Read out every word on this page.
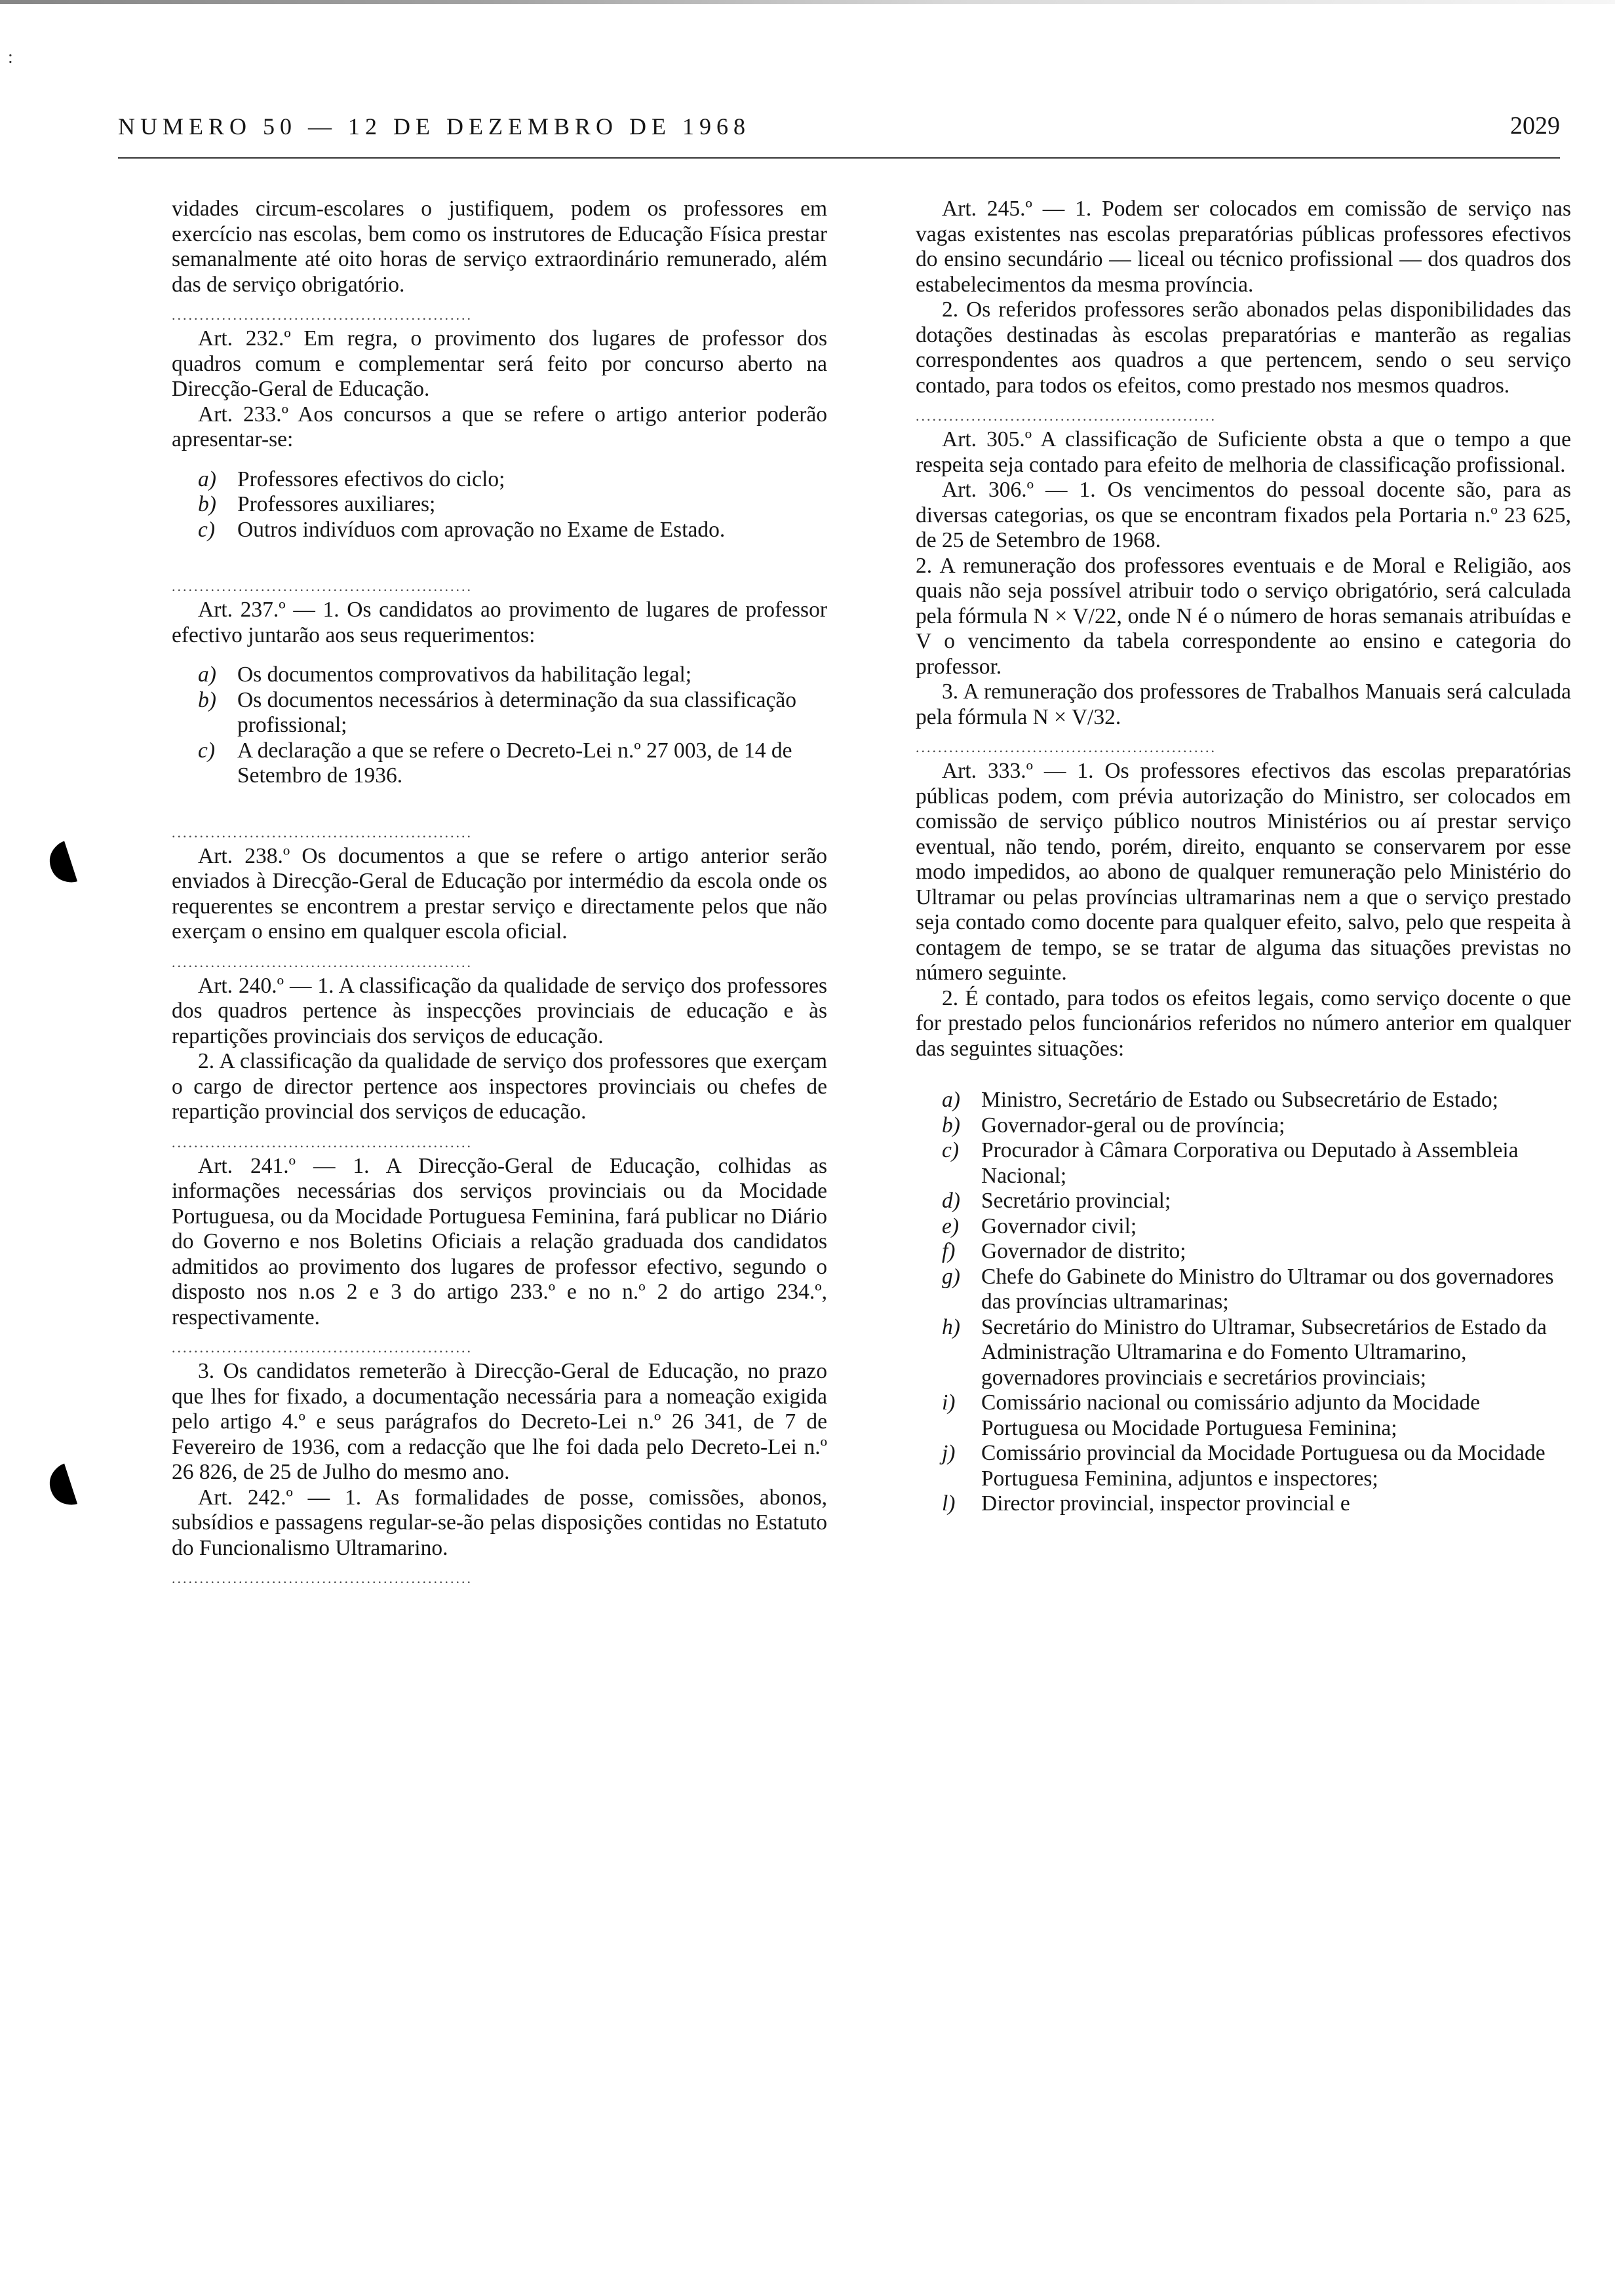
:
NUMERO 50 — 12 DE DEZEMBRO DE 1968	2029
◖
◖

vidades circum-escolares o justifiquem, podem os professores em exercício nas escolas, bem como os instrutores de Educação Física prestar semanalmente até oito horas de serviço extraordinário remunerado, além das de serviço obrigatório.

......................................................

Art. 232.º Em regra, o provimento dos lugares de professor dos quadros comum e complementar será feito por concurso aberto na Direcção-Geral de Educação.

Art. 233.º Aos concursos a que se refere o artigo anterior poderão apresentar-se:

a) Professores efectivos do ciclo;
b) Professores auxiliares;
c) Outros indivíduos com aprovação no Exame de Estado.
......................................................

Art. 237.º — 1. Os candidatos ao provimento de lugares de professor efectivo juntarão aos seus requerimentos:

a) Os documentos comprovativos da habilitação legal;
b) Os documentos necessários à determinação da sua classificação profissional;
c) A declaração a que se refere o Decreto-Lei n.º 27 003, de 14 de Setembro de 1936.
......................................................

Art. 238.º Os documentos a que se refere o artigo anterior serão enviados à Direcção-Geral de Educação por intermédio da escola onde os requerentes se encontrem a prestar serviço e directamente pelos que não exerçam o ensino em qualquer escola oficial.

......................................................

Art. 240.º — 1. A classificação da qualidade de serviço dos professores dos quadros pertence às inspecções provinciais de educação e às repartições provinciais dos serviços de educação.

2. A classificação da qualidade de serviço dos professores que exerçam o cargo de director pertence aos inspectores provinciais ou chefes de repartição provincial dos serviços de educação.

......................................................

Art. 241.º — 1. A Direcção-Geral de Educação, colhidas as informações necessárias dos serviços provinciais ou da Mocidade Portuguesa, ou da Mocidade Portuguesa Feminina, fará publicar no Diário do Governo e nos Boletins Oficiais a relação graduada dos candidatos admitidos ao provimento dos lugares de professor efectivo, segundo o disposto nos n.os 2 e 3 do artigo 233.º e no n.º 2 do artigo 234.º, respectivamente.

......................................................

3. Os candidatos remeterão à Direcção-Geral de Educação, no prazo que lhes for fixado, a documentação necessária para a nomeação exigida pelo artigo 4.º e seus parágrafos do Decreto-Lei n.º 26 341, de 7 de Fevereiro de 1936, com a redacção que lhe foi dada pelo Decreto-Lei n.º 26 826, de 25 de Julho do mesmo ano.

Art. 242.º — 1. As formalidades de posse, comissões, abonos, subsídios e passagens regular-se-ão pelas disposições contidas no Estatuto do Funcionalismo Ultramarino.

......................................................

Art. 245.º — 1. Podem ser colocados em comissão de serviço nas vagas existentes nas escolas preparatórias públicas professores efectivos do ensino secundário — liceal ou técnico profissional — dos quadros dos estabelecimentos da mesma província.

2. Os referidos professores serão abonados pelas disponibilidades das dotações destinadas às escolas preparatórias e manterão as regalias correspondentes aos quadros a que pertencem, sendo o seu serviço contado, para todos os efeitos, como prestado nos mesmos quadros.

......................................................

Art. 305.º A classificação de Suficiente obsta a que o tempo a que respeita seja contado para efeito de melhoria de classificação profissional.

Art. 306.º — 1. Os vencimentos do pessoal docente são, para as diversas categorias, os que se encontram fixados pela Portaria n.º 23 625, de 25 de Setembro de 1968.

2. A remuneração dos professores eventuais e de Moral e Religião, aos quais não seja possível atribuir todo o serviço obrigatório, será calculada pela fórmula N × V/22, onde N é o número de horas semanais atribuídas e V o vencimento da tabela correspondente ao ensino e categoria do professor.

3. A remuneração dos professores de Trabalhos Manuais será calculada pela fórmula N × V/32.

......................................................

Art. 333.º — 1. Os professores efectivos das escolas preparatórias públicas podem, com prévia autorização do Ministro, ser colocados em comissão de serviço público noutros Ministérios ou aí prestar serviço eventual, não tendo, porém, direito, enquanto se conservarem por esse modo impedidos, ao abono de qualquer remuneração pelo Ministério do Ultramar ou pelas províncias ultramarinas nem a que o serviço prestado seja contado como docente para qualquer efeito, salvo, pelo que respeita à contagem de tempo, se se tratar de alguma das situações previstas no número seguinte.

2. É contado, para todos os efeitos legais, como serviço docente o que for prestado pelos funcionários referidos no número anterior em qualquer das seguintes situações:

a) Ministro, Secretário de Estado ou Subsecretário de Estado;
b) Governador-geral ou de província;
c) Procurador à Câmara Corporativa ou Deputado à Assembleia Nacional;
d) Secretário provincial;
e) Governador civil;
f) Governador de distrito;
g) Chefe do Gabinete do Ministro do Ultramar ou dos governadores das províncias ultramarinas;
h) Secretário do Ministro do Ultramar, Subsecretários de Estado da Administração Ultramarina e do Fomento Ultramarino, governadores provinciais e secretários provinciais;
i) Comissário nacional ou comissário adjunto da Mocidade Portuguesa ou Mocidade Portuguesa Feminina;
j) Comissário provincial da Mocidade Portuguesa ou da Mocidade Portuguesa Feminina, adjuntos e inspectores;
l) Director provincial, inspector provincial e
